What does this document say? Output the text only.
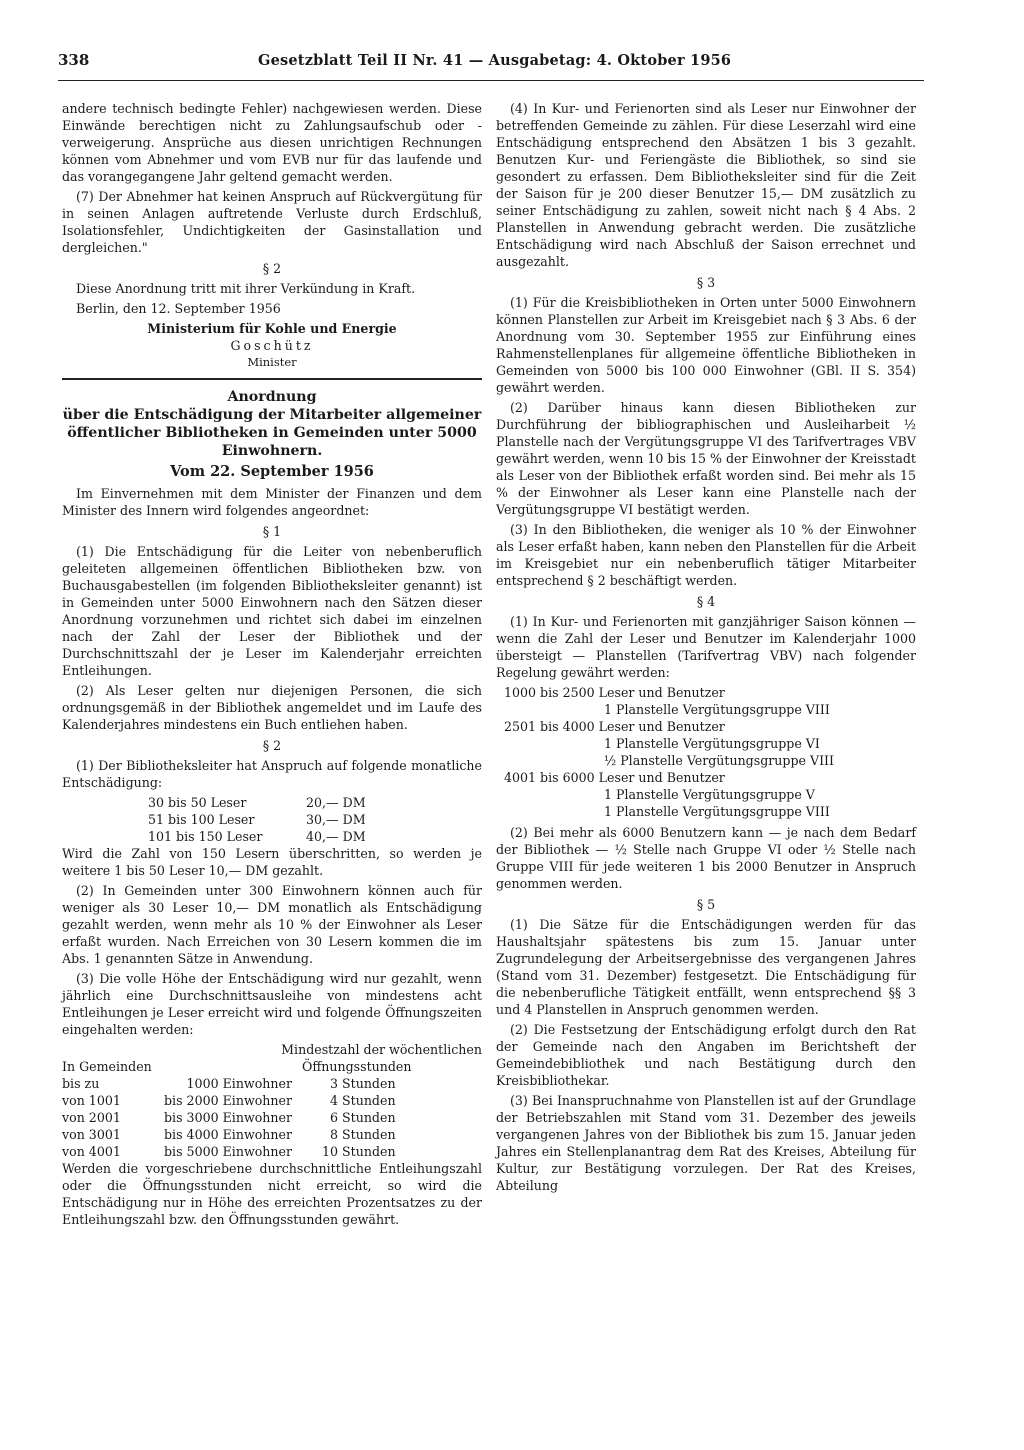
338	Gesetzblatt Teil II Nr. 41 — Ausgabetag: 4. Oktober 1956

andere technisch bedingte Fehler) nachgewiesen werden. Diese Einwände berechtigen nicht zu Zahlungsaufschub oder -verweigerung. Ansprüche aus diesen unrichtigen Rechnungen können vom Abnehmer und vom EVB nur für das laufende und das vorangegangene Jahr geltend gemacht werden.

(7) Der Abnehmer hat keinen Anspruch auf Rückvergütung für in seinen Anlagen auftretende Verluste durch Erdschluß, Isolationsfehler, Undichtigkeiten der Gasinstallation und dergleichen."

§ 2

Diese Anordnung tritt mit ihrer Verkündung in Kraft.

Berlin, den 12. September 1956

Ministerium für Kohle und Energie
Goschütz
Minister
Anordnung
über die Entschädigung der Mitarbeiter allgemeiner öffentlicher Bibliotheken in Gemeinden unter 5000 Einwohnern.
Vom 22. September 1956

Im Einvernehmen mit dem Minister der Finanzen und dem Minister des Innern wird folgendes angeordnet:

§ 1

(1) Die Entschädigung für die Leiter von nebenberuflich geleiteten allgemeinen öffentlichen Bibliotheken bzw. von Buchausgabestellen (im folgenden Bibliotheksleiter genannt) ist in Gemeinden unter 5000 Einwohnern nach den Sätzen dieser Anordnung vorzunehmen und richtet sich dabei im einzelnen nach der Zahl der Leser der Bibliothek und der Durchschnittszahl der je Leser im Kalenderjahr erreichten Entleihungen.

(2) Als Leser gelten nur diejenigen Personen, die sich ordnungsgemäß in der Bibliothek angemeldet und im Laufe des Kalenderjahres mindestens ein Buch entliehen haben.

§ 2

(1) Der Bibliotheksleiter hat Anspruch auf folgende monatliche Entschädigung:

30 bis 50 Leser	20,— DM
51 bis 100 Leser	30,— DM
101 bis 150 Leser	40,— DM

Wird die Zahl von 150 Lesern überschritten, so werden je weitere 1 bis 50 Leser 10,— DM gezahlt.

(2) In Gemeinden unter 300 Einwohnern können auch für weniger als 30 Leser 10,— DM monatlich als Entschädigung gezahlt werden, wenn mehr als 10 % der Einwohner als Leser erfaßt wurden. Nach Erreichen von 30 Lesern kommen die im Abs. 1 genannten Sätze in Anwendung.

(3) Die volle Höhe der Entschädigung wird nur gezahlt, wenn jährlich eine Durchschnittsausleihe von mindestens acht Entleihungen je Leser erreicht wird und folgende Öffnungszeiten eingehalten werden:

Mindestzahl der wöchentlichen
In Gemeinden	Öffnungsstunden
bis zu	1000 Einwohner	3 Stunden
von 1001	bis 2000 Einwohner	4 Stunden
von 2001	bis 3000 Einwohner	6 Stunden
von 3001	bis 4000 Einwohner	8 Stunden
von 4001	bis 5000 Einwohner	10 Stunden

Werden die vorgeschriebene durchschnittliche Entleihungszahl oder die Öffnungsstunden nicht erreicht, so wird die Entschädigung nur in Höhe des erreichten Prozentsatzes zu der Entleihungszahl bzw. den Öffnungsstunden gewährt.

(4) In Kur- und Ferienorten sind als Leser nur Einwohner der betreffenden Gemeinde zu zählen. Für diese Leserzahl wird eine Entschädigung entsprechend den Absätzen 1 bis 3 gezahlt. Benutzen Kur- und Feriengäste die Bibliothek, so sind sie gesondert zu erfassen. Dem Bibliotheksleiter sind für die Zeit der Saison für je 200 dieser Benutzer 15,— DM zusätzlich zu seiner Entschädigung zu zahlen, soweit nicht nach § 4 Abs. 2 Planstellen in Anwendung gebracht werden. Die zusätzliche Entschädigung wird nach Abschluß der Saison errechnet und ausgezahlt.

§ 3

(1) Für die Kreisbibliotheken in Orten unter 5000 Einwohnern können Planstellen zur Arbeit im Kreisgebiet nach § 3 Abs. 6 der Anordnung vom 30. September 1955 zur Einführung eines Rahmenstellenplanes für allgemeine öffentliche Bibliotheken in Gemeinden von 5000 bis 100 000 Einwohner (GBl. II S. 354) gewährt werden.

(2) Darüber hinaus kann diesen Bibliotheken zur Durchführung der bibliographischen und Ausleiharbeit ½ Planstelle nach der Vergütungsgruppe VI des Tarifvertrages VBV gewährt werden, wenn 10 bis 15 % der Einwohner der Kreisstadt als Leser von der Bibliothek erfaßt worden sind. Bei mehr als 15 % der Einwohner als Leser kann eine Planstelle nach der Vergütungsgruppe VI bestätigt werden.

(3) In den Bibliotheken, die weniger als 10 % der Einwohner als Leser erfaßt haben, kann neben den Planstellen für die Arbeit im Kreisgebiet nur ein nebenberuflich tätiger Mitarbeiter entsprechend § 2 beschäftigt werden.

§ 4

(1) In Kur- und Ferienorten mit ganzjähriger Saison können — wenn die Zahl der Leser und Benutzer im Kalenderjahr 1000 übersteigt — Planstellen (Tarifvertrag VBV) nach folgender Regelung gewährt werden:

1000 bis 2500 Leser und Benutzer
1 Planstelle Vergütungsgruppe VIII
2501 bis 4000 Leser und Benutzer
1 Planstelle Vergütungsgruppe VI
½ Planstelle Vergütungsgruppe VIII
4001 bis 6000 Leser und Benutzer
1 Planstelle Vergütungsgruppe V
1 Planstelle Vergütungsgruppe VIII

(2) Bei mehr als 6000 Benutzern kann — je nach dem Bedarf der Bibliothek — ½ Stelle nach Gruppe VI oder ½ Stelle nach Gruppe VIII für jede weiteren 1 bis 2000 Benutzer in Anspruch genommen werden.

§ 5

(1) Die Sätze für die Entschädigungen werden für das Haushaltsjahr spätestens bis zum 15. Januar unter Zugrundelegung der Arbeitsergebnisse des vergangenen Jahres (Stand vom 31. Dezember) festgesetzt. Die Entschädigung für die nebenberufliche Tätigkeit entfällt, wenn entsprechend §§ 3 und 4 Planstellen in Anspruch genommen werden.

(2) Die Festsetzung der Entschädigung erfolgt durch den Rat der Gemeinde nach den Angaben im Berichtsheft der Gemeindebibliothek und nach Bestätigung durch den Kreisbibliothekar.

(3) Bei Inanspruchnahme von Planstellen ist auf der Grundlage der Betriebszahlen mit Stand vom 31. Dezember des jeweils vergangenen Jahres von der Bibliothek bis zum 15. Januar jeden Jahres ein Stellenplanantrag dem Rat des Kreises, Abteilung für Kultur, zur Bestätigung vorzulegen. Der Rat des Kreises, Abteilung
